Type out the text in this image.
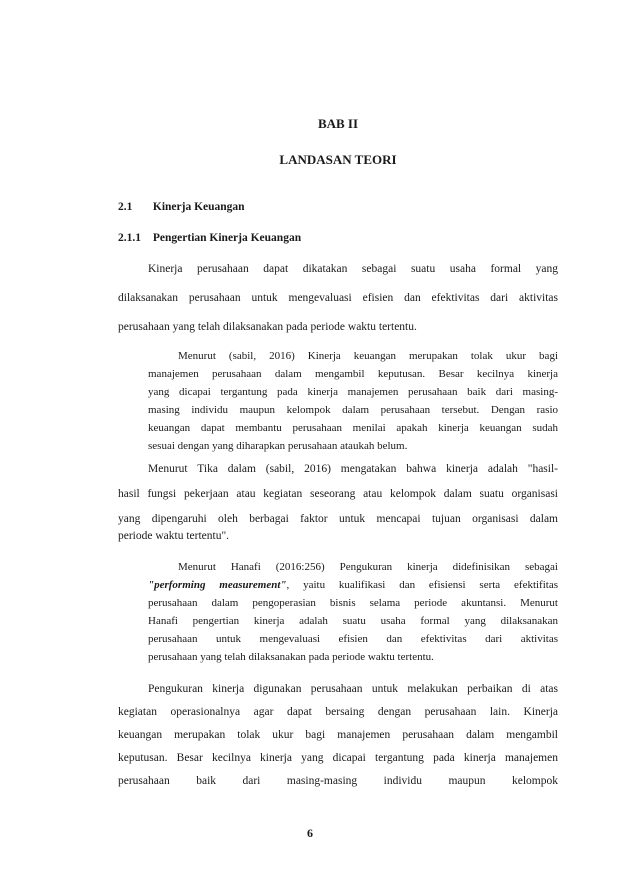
BAB II
LANDASAN TEORI
2.1 Kinerja Keuangan
2.1.1 Pengertian Kinerja Keuangan
Kinerja perusahaan dapat dikatakan sebagai suatu usaha formal yang
dilaksanakan perusahaan untuk mengevaluasi efisien dan efektivitas dari aktivitas
perusahaan yang telah dilaksanakan pada periode waktu tertentu.
Menurut (sabil, 2016) Kinerja keuangan merupakan tolak ukur bagi
manajemen perusahaan dalam mengambil keputusan. Besar kecilnya kinerja
yang dicapai tergantung pada kinerja manajemen perusahaan baik dari masing-
masing individu maupun kelompok dalam perusahaan tersebut. Dengan rasio
keuangan dapat membantu perusahaan menilai apakah kinerja keuangan sudah
sesuai dengan yang diharapkan perusahaan ataukah belum.
Menurut Tika dalam (sabil, 2016) mengatakan bahwa kinerja adalah "hasil-
hasil fungsi pekerjaan atau kegiatan seseorang atau kelompok dalam suatu organisasi
yang dipengaruhi oleh berbagai faktor untuk mencapai tujuan organisasi dalam
periode waktu tertentu".
Menurut Hanafi (2016:256) Pengukuran kinerja didefinisikan sebagai
"performing measurement", yaitu kualifikasi dan efisiensi serta efektifitas
perusahaan dalam pengoperasian bisnis selama periode akuntansi. Menurut
Hanafi pengertian kinerja adalah suatu usaha formal yang dilaksanakan
perusahaan untuk mengevaluasi efisien dan efektivitas dari aktivitas
perusahaan yang telah dilaksanakan pada periode waktu tertentu.
Pengukuran kinerja digunakan perusahaan untuk melakukan perbaikan di atas
kegiatan operasionalnya agar dapat bersaing dengan perusahaan lain. Kinerja
keuangan merupakan tolak ukur bagi manajemen perusahaan dalam mengambil
keputusan. Besar kecilnya kinerja yang dicapai tergantung pada kinerja manajemen
perusahaan baik dari masing-masing individu maupun kelompok
6
